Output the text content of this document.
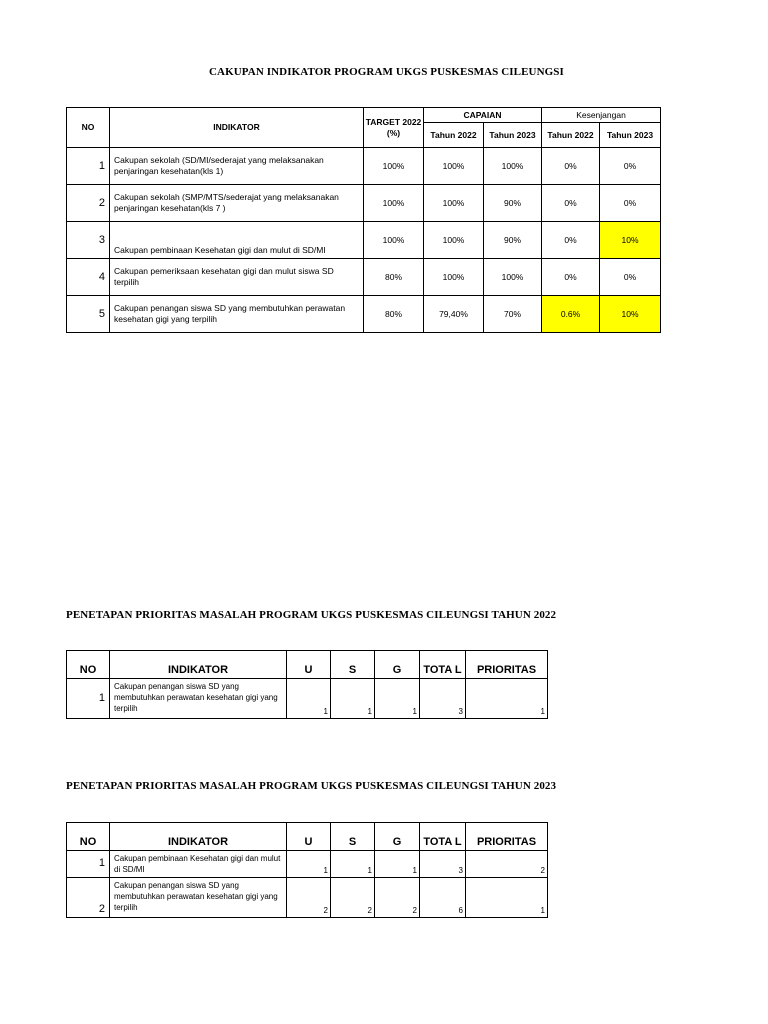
CAKUPAN INDIKATOR PROGRAM UKGS PUSKESMAS CILEUNGSI
NO	INDIKATOR	TARGET 2022 (%)	CAPAIAN		Kesenjangan	
			Tahun 2022	Tahun 2023	Tahun 2022	Tahun 2023
1	Cakupan sekolah (SD/MI/sederajat yang melaksanakan penjaringan kesehatan(kls 1)	100%	100%	100%	0%	0%
2	Cakupan sekolah (SMP/MTS/sederajat yang melaksanakan penjaringan kesehatan(kls 7 )	100%	100%	90%	0%	0%
3	Cakupan pembinaan Kesehatan gigi dan mulut di SD/MI	100%	100%	90%	0%	10%
4	Cakupan pemeriksaan kesehatan gigi dan mulut siswa SD terpilih	80%	100%	100%	0%	0%
5	Cakupan penangan siswa SD yang membutuhkan perawatan kesehatan gigi yang terpilih	80%	79,40%	70%	0.6%	10%
PENETAPAN PRIORITAS MASALAH PROGRAM UKGS PUSKESMAS CILEUNGSI TAHUN 2022
NO	INDIKATOR	U	S	G	TOTA L	PRIORITAS
1	Cakupan penangan siswa SD yang membutuhkan perawatan kesehatan gigi yang terpilih	1	1	1	3	1
PENETAPAN PRIORITAS MASALAH PROGRAM UKGS PUSKESMAS CILEUNGSI TAHUN 2023
NO	INDIKATOR	U	S	G	TOTA L	PRIORITAS
1	Cakupan pembinaan Kesehatan gigi dan mulut di SD/MI	1	1	1	3	2
2	Cakupan penangan siswa SD yang membutuhkan perawatan kesehatan gigi yang terpilih	2	2	2	6	1
